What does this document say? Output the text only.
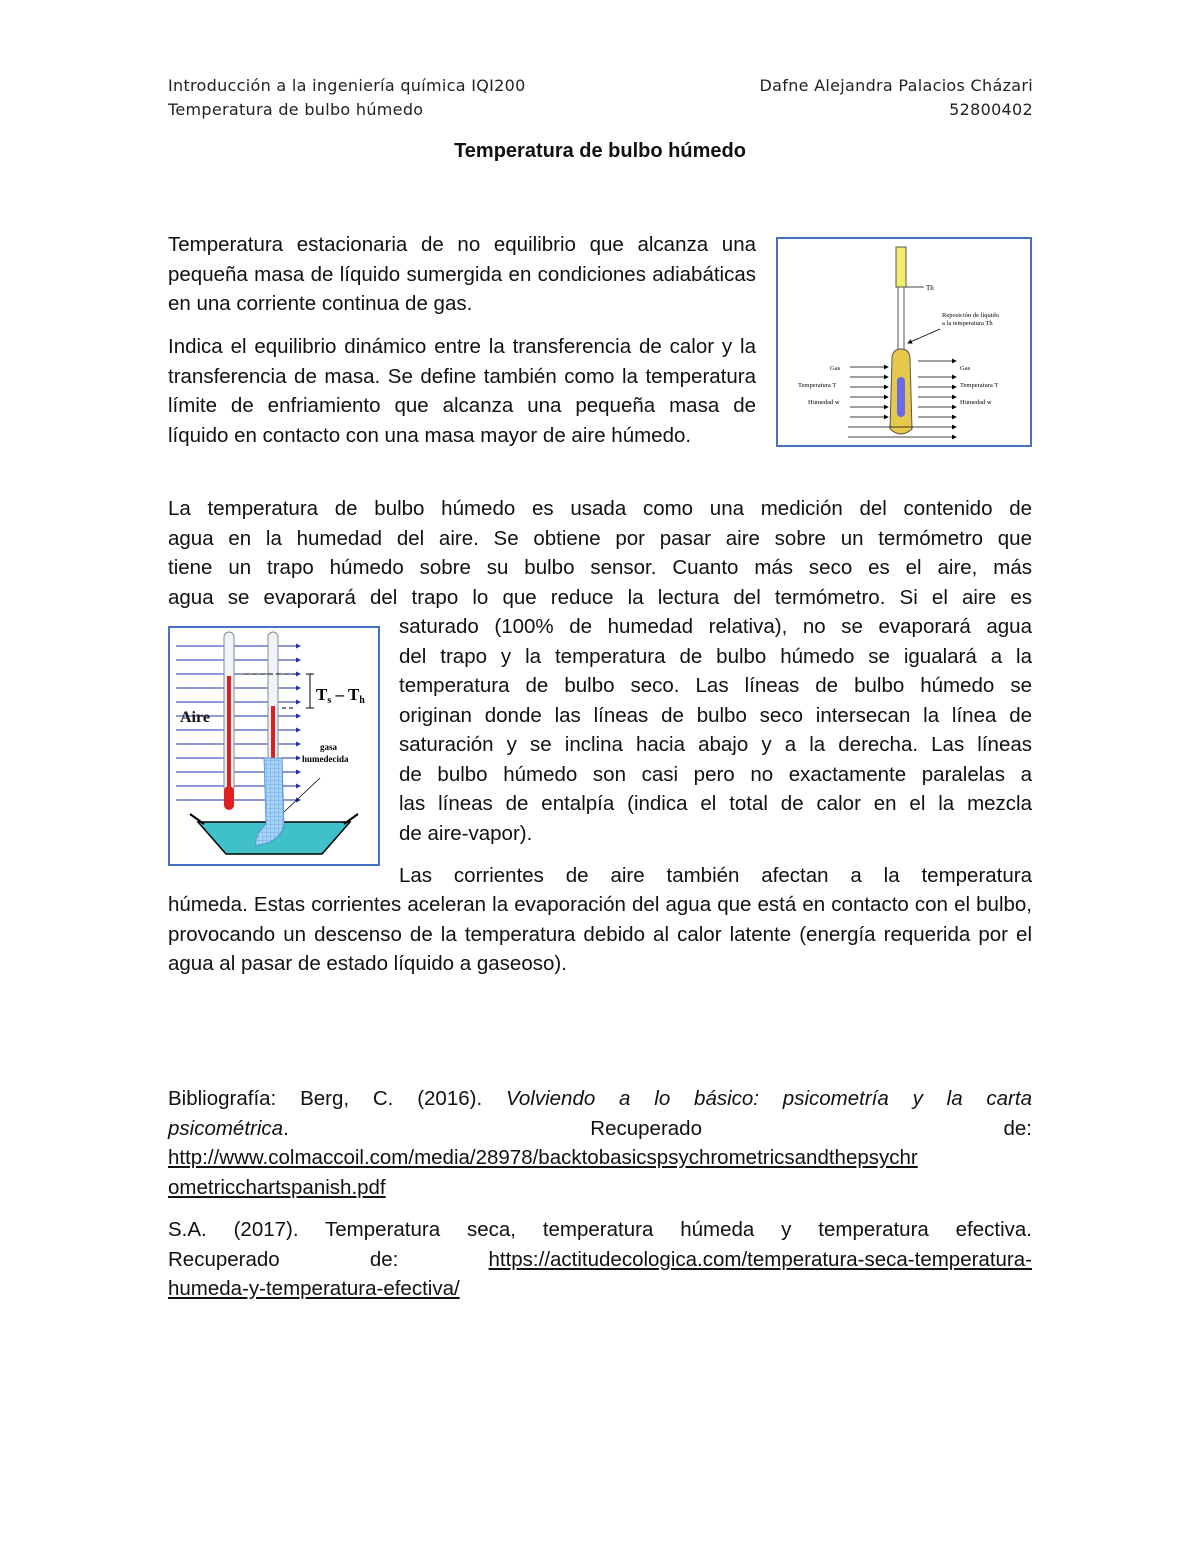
Introducción a la ingeniería química IQI200
Temperatura de bulbo húmedo
Dafne Alejandra Palacios Cházari
52800402
Temperatura de bulbo húmedo

Temperatura estacionaria de no equilibrio que alcanza una pequeña masa de líquido sumergida en condiciones adiabáticas en una corriente continua de gas.

Indica el equilibrio dinámico entre la transferencia de calor y la transferencia de masa. Se define también como la temperatura límite de enfriamiento que alcanza una pequeña masa de líquido en contacto con una masa mayor de aire húmedo.

Th
Reposición de líquido
a la temperatura Th
Gas
Temperatura T
Humedad w
Gas
Temperatura T
Humedad w
La temperatura de bulbo húmedo es usada como una medición del contenido de
agua en la humedad del aire. Se obtiene por pasar aire sobre un termómetro que
tiene un trapo húmedo sobre su bulbo sensor. Cuanto más seco es el aire, más
agua se evaporará del trapo lo que reduce la lectura del termómetro. Si el aire es
Ts – Th
Aire
gasa
humedecida
saturado (100% de humedad relativa), no se evaporará agua
del trapo y la temperatura de bulbo húmedo se igualará a la
temperatura de bulbo seco. Las líneas de bulbo húmedo se
originan donde las líneas de bulbo seco intersecan la línea de
saturación y se inclina hacia abajo y a la derecha. Las líneas
de bulbo húmedo son casi pero no exactamente paralelas a
las líneas de entalpía (indica el total de calor en el la mezcla
de aire-vapor).
Las corrientes de aire también afectan a la temperatura

húmeda. Estas corrientes aceleran la evaporación del agua que está en contacto con el bulbo, provocando un descenso de la temperatura debido al calor latente (energía requerida por el agua al pasar de estado líquido a gaseoso).

Bibliografía: Berg, C. (2016). Volviendo a lo básico: psicometría y la carta
psicométrica.	Recuperado	de:
http://www.colmaccoil.com/media/28978/backtobasicspsychrometricsandthepsychr
ometricchartspanish.pdf
S.A. (2017). Temperatura seca, temperatura húmeda y temperatura efectiva.
Recuperado	de:	https://actitudecologica.com/temperatura-seca-temperatura-
humeda-y-temperatura-efectiva/
